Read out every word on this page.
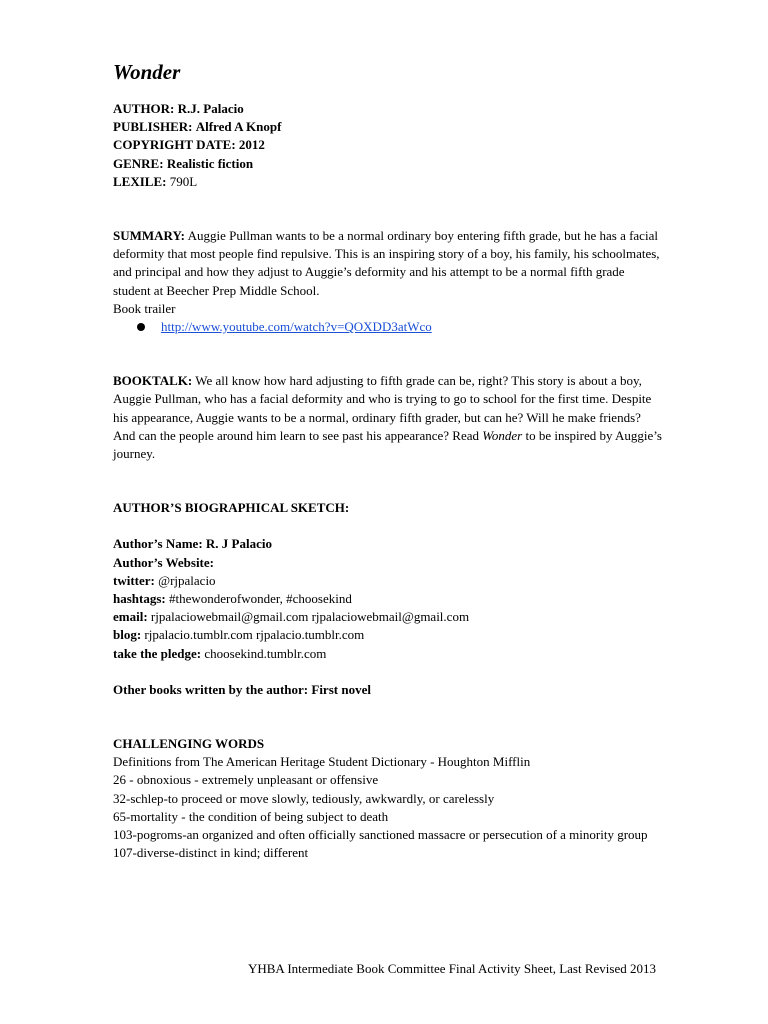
Wonder

AUTHOR: R.J. Palacio

PUBLISHER: Alfred A Knopf

COPYRIGHT DATE: 2012

GENRE: Realistic fiction

LEXILE: 790L

SUMMARY: Auggie Pullman wants to be a normal ordinary boy entering fifth grade, but he has a facial deformity that most people find repulsive. This is an inspiring story of a boy, his family, his schoolmates, and principal and how they adjust to Auggie’s deformity and his attempt to be a normal fifth grade student at Beecher Prep Middle School.

Book trailer

http://www.youtube.com/watch?v=QOXDD3atWco

BOOKTALK: We all know how hard adjusting to fifth grade can be, right? This story is about a boy, Auggie Pullman, who has a facial deformity and who is trying to go to school for the first time. Despite his appearance, Auggie wants to be a normal, ordinary fifth grader, but can he? Will he make friends? And can the people around him learn to see past his appearance? Read Wonder to be inspired by Auggie’s journey.

AUTHOR’S BIOGRAPHICAL SKETCH:

Author’s Name: R. J Palacio

Author’s Website:

twitter: @rjpalacio

hashtags: #thewonderofwonder, #choosekind

email: rjpalaciowebmail@gmail.com rjpalaciowebmail@gmail.com

blog: rjpalacio.tumblr.com rjpalacio.tumblr.com

take the pledge: choosekind.tumblr.com

Other books written by the author: First novel

CHALLENGING WORDS

Definitions from The American Heritage Student Dictionary - Houghton Mifflin

26 - obnoxious - extremely unpleasant or offensive

32-schlep-to proceed or move slowly, tediously, awkwardly, or carelessly

65-mortality - the condition of being subject to death

103-pogroms-an organized and often officially sanctioned massacre or persecution of a minority group

107-diverse-distinct in kind; different

YHBA Intermediate Book Committee Final Activity Sheet, Last Revised 2013
